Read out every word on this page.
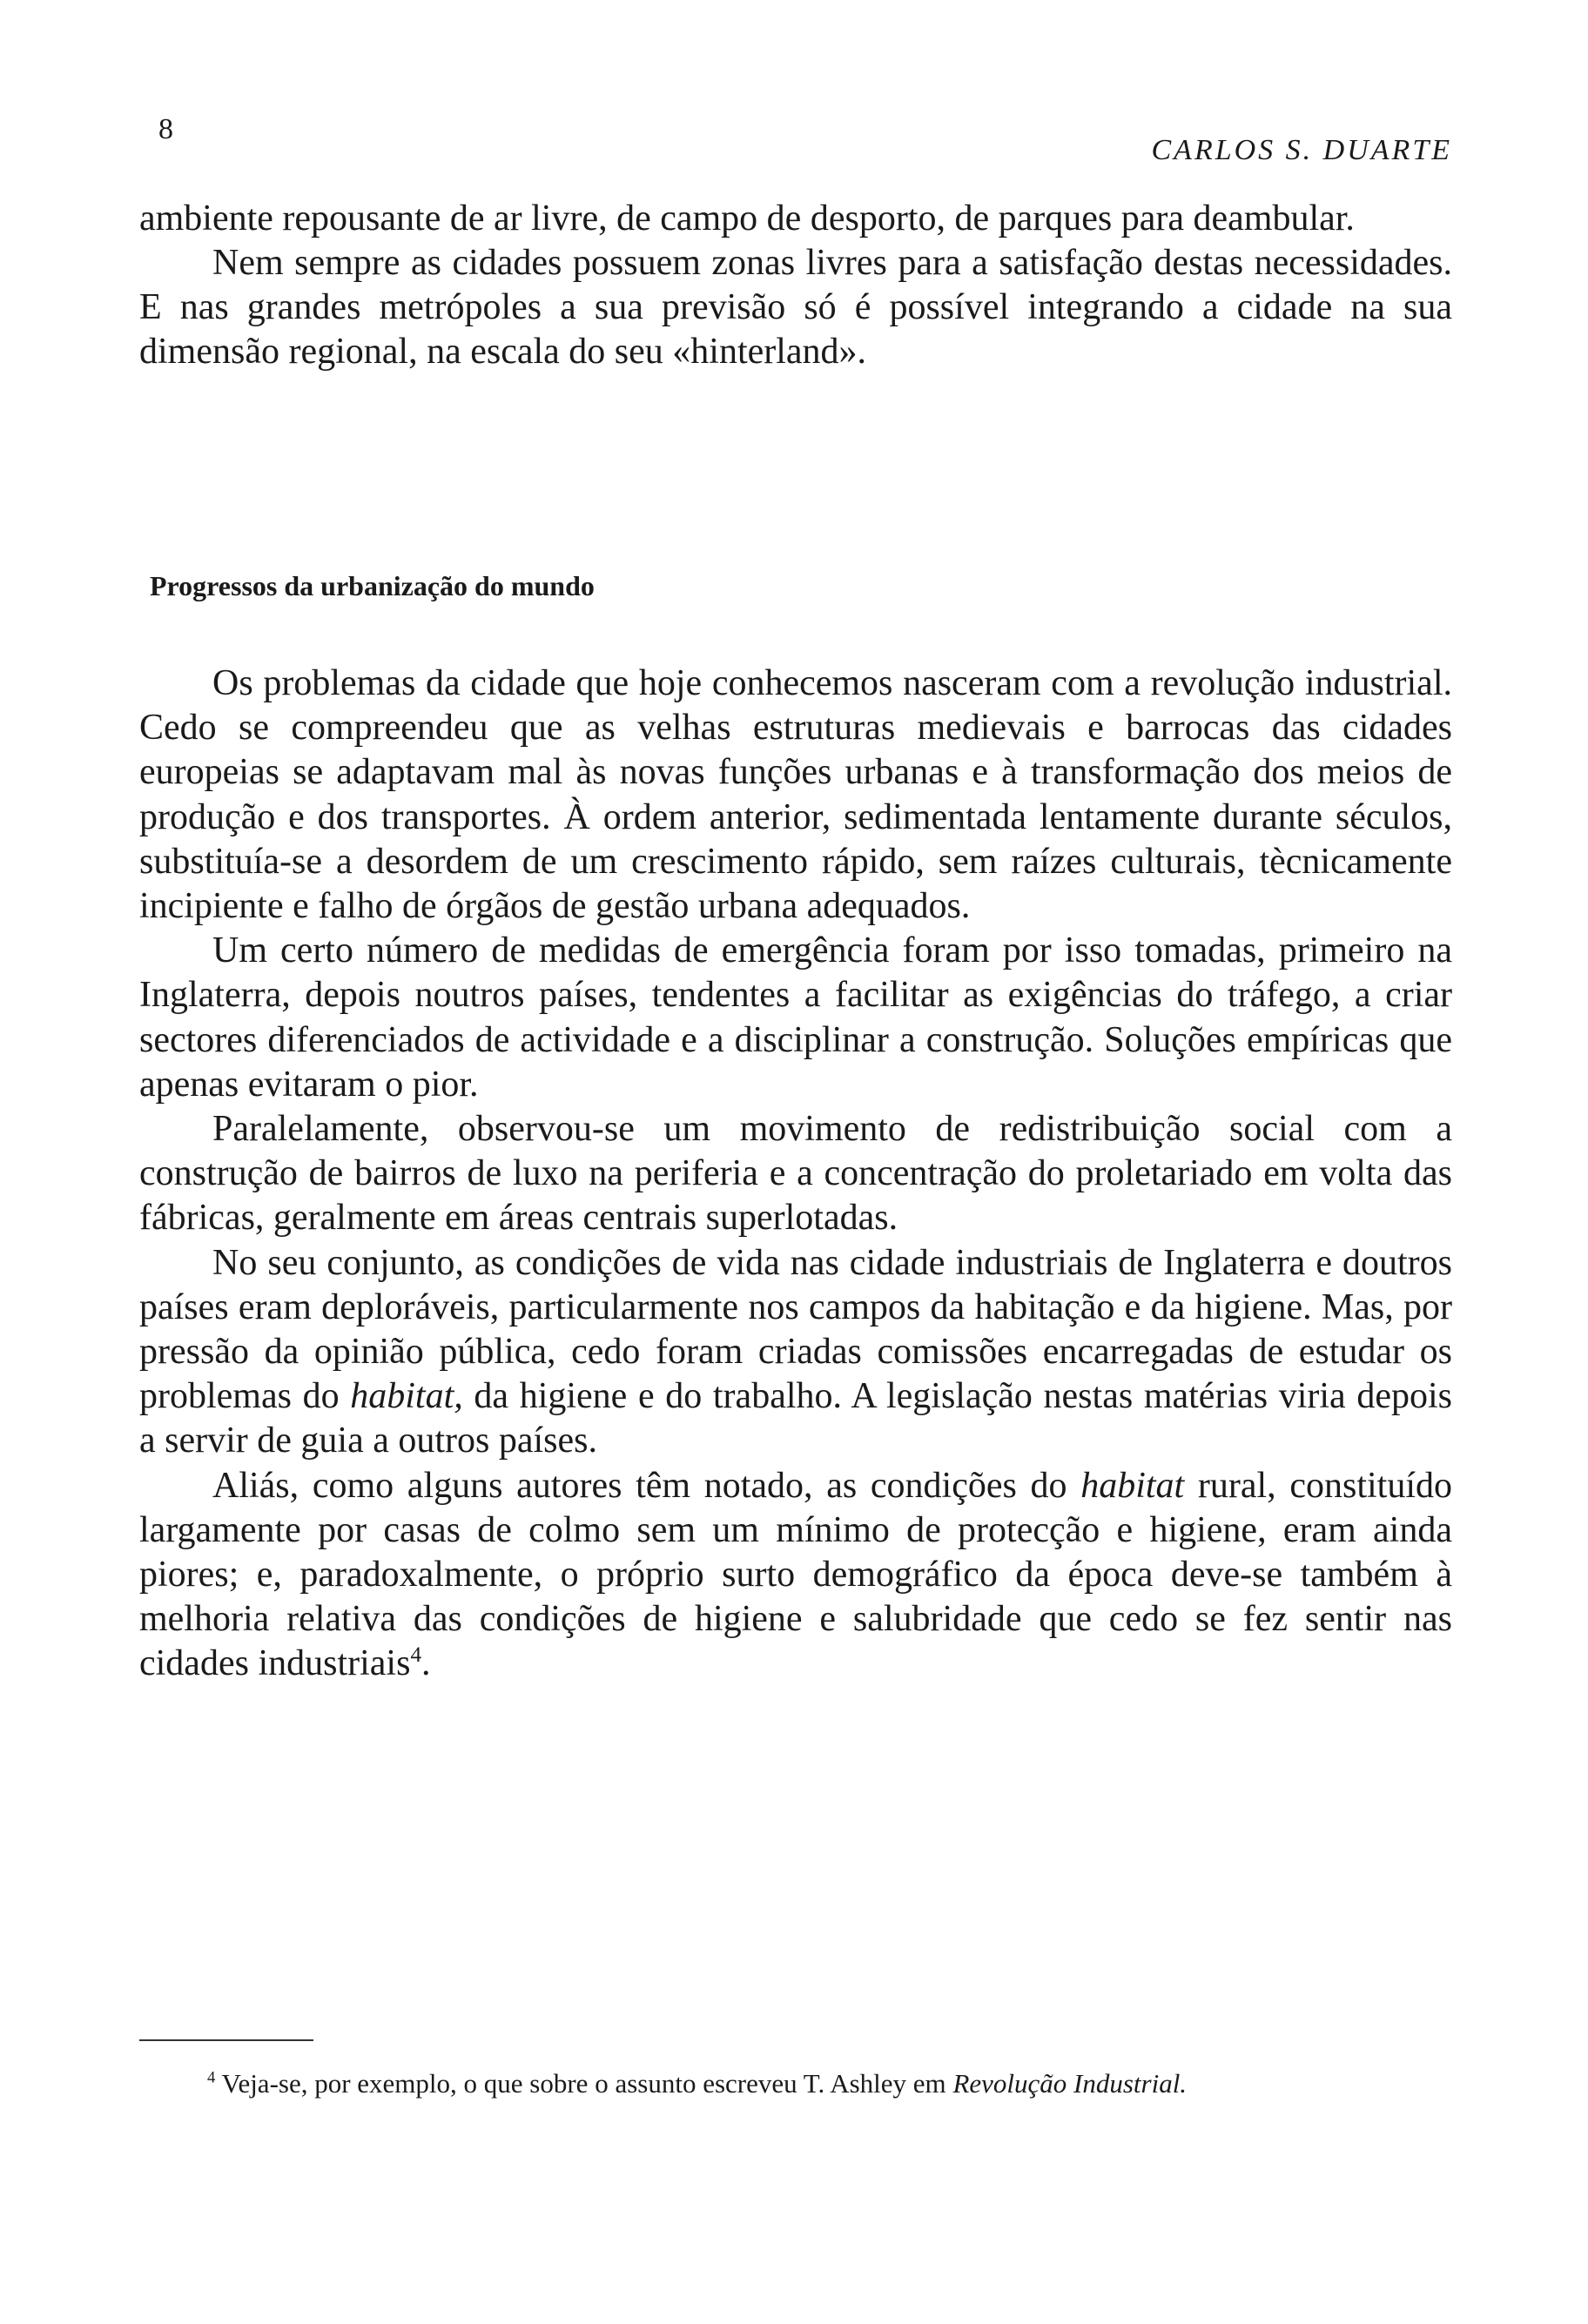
8
CARLOS S. DUARTE

ambiente repousante de ar livre, de campo de desporto, de parques para deambular.

Nem sempre as cidades possuem zonas livres para a satisfação destas necessidades. E nas grandes metrópoles a sua previsão só é possível integrando a cidade na sua dimensão regional, na escala do seu «hinterland».

Progressos da urbanização do mundo

Os problemas da cidade que hoje conhecemos nasceram com a revolução industrial. Cedo se compreendeu que as velhas estruturas medievais e barrocas das cidades europeias se adaptavam mal às novas funções urbanas e à transformação dos meios de produção e dos transportes. À ordem anterior, sedimentada lentamente durante séculos, substituía-se a desordem de um crescimento rápido, sem raízes culturais, tècnicamente incipiente e falho de órgãos de gestão urbana adequados.

Um certo número de medidas de emergência foram por isso tomadas, primeiro na Inglaterra, depois noutros países, tendentes a facilitar as exigências do tráfego, a criar sectores diferenciados de actividade e a disciplinar a construção. Soluções empíricas que apenas evitaram o pior.

Paralelamente, observou-se um movimento de redistribuição social com a construção de bairros de luxo na periferia e a concentração do proletariado em volta das fábricas, geralmente em áreas centrais superlotadas.

No seu conjunto, as condições de vida nas cidade industriais de Inglaterra e doutros países eram deploráveis, particularmente nos campos da habitação e da higiene. Mas, por pressão da opinião pública, cedo foram criadas comissões encarregadas de estudar os problemas do habitat, da higiene e do trabalho. A legislação nestas matérias viria depois a servir de guia a outros países.

Aliás, como alguns autores têm notado, as condições do habitat rural, constituído largamente por casas de colmo sem um mínimo de protecção e higiene, eram ainda piores; e, paradoxalmente, o próprio surto demográfico da época deve-se também à melhoria relativa das condições de higiene e salubridade que cedo se fez sentir nas cidades industriais$^4$.

$^4$ Veja-se, por exemplo, o que sobre o assunto escreveu T. Ashley em Revolução Industrial.
